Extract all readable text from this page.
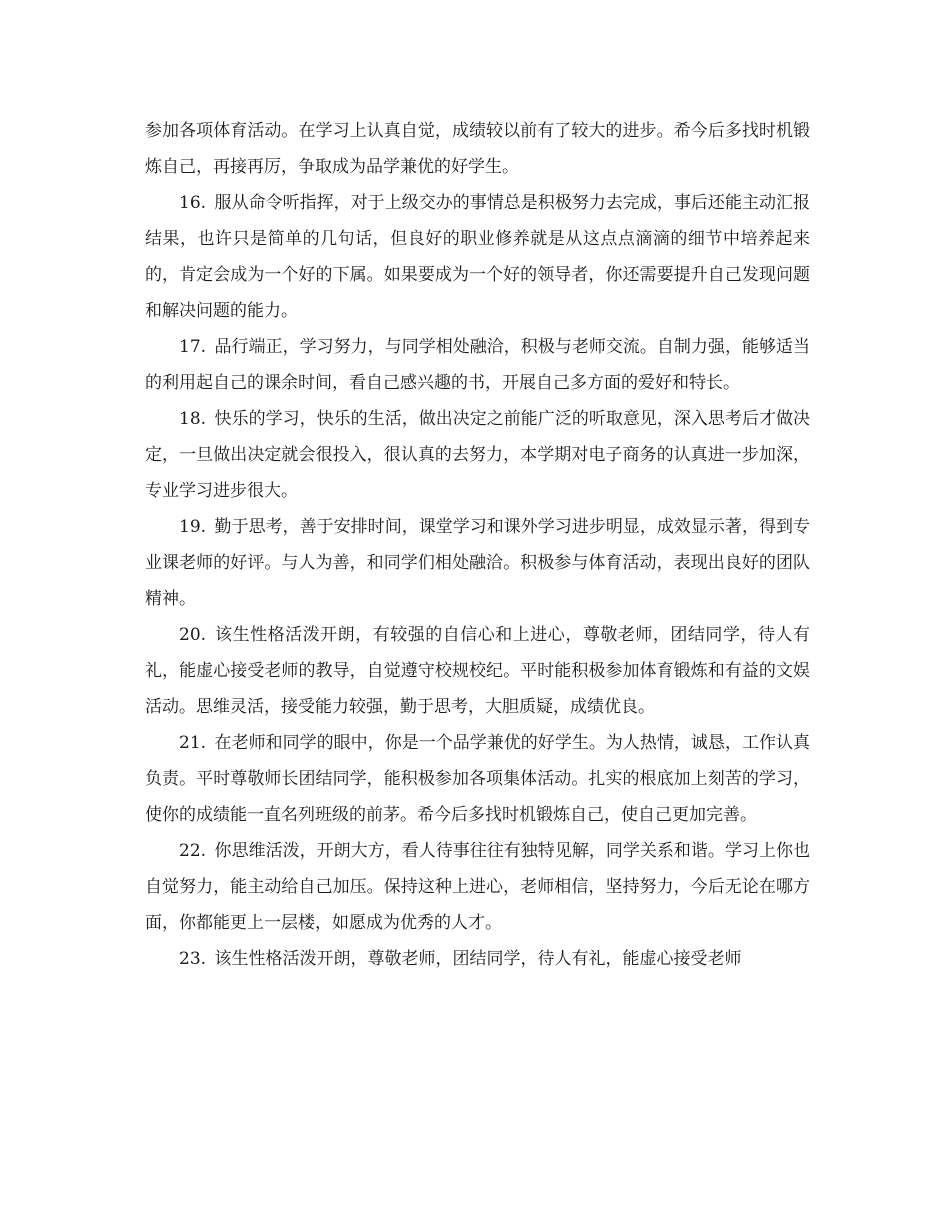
参加各项体育活动。在学习上认真自觉，成绩较以前有了较大的进步。希今后多找时机锻炼自己，再接再厉，争取成为品学兼优的好学生。

16. 服从命令听指挥，对于上级交办的事情总是积极努力去完成，事后还能主动汇报结果，也许只是简单的几句话，但良好的职业修养就是从这点点滴滴的细节中培养起来的，肯定会成为一个好的下属。如果要成为一个好的领导者，你还需要提升自己发现问题和解决问题的能力。

17. 品行端正，学习努力，与同学相处融洽，积极与老师交流。自制力强，能够适当的利用起自己的课余时间，看自己感兴趣的书，开展自己多方面的爱好和特长。

18. 快乐的学习，快乐的生活，做出决定之前能广泛的听取意见，深入思考后才做决定，一旦做出决定就会很投入，很认真的去努力，本学期对电子商务的认真进一步加深，专业学习进步很大。

19. 勤于思考，善于安排时间，课堂学习和课外学习进步明显，成效显示著，得到专业课老师的好评。与人为善，和同学们相处融洽。积极参与体育活动，表现出良好的团队精神。

20. 该生性格活泼开朗，有较强的自信心和上进心，尊敬老师，团结同学，待人有礼，能虚心接受老师的教导，自觉遵守校规校纪。平时能积极参加体育锻炼和有益的文娱活动。思维灵活，接受能力较强，勤于思考，大胆质疑，成绩优良。

21. 在老师和同学的眼中，你是一个品学兼优的好学生。为人热情，诚恳，工作认真负责。平时尊敬师长团结同学，能积极参加各项集体活动。扎实的根底加上刻苦的学习，使你的成绩能一直名列班级的前茅。希今后多找时机锻炼自己，使自己更加完善。

22. 你思维活泼，开朗大方，看人待事往往有独特见解，同学关系和谐。学习上你也自觉努力，能主动给自己加压。保持这种上进心，老师相信，坚持努力，今后无论在哪方面，你都能更上一层楼，如愿成为优秀的人才。

23. 该生性格活泼开朗，尊敬老师，团结同学，待人有礼，能虚心接受老师
